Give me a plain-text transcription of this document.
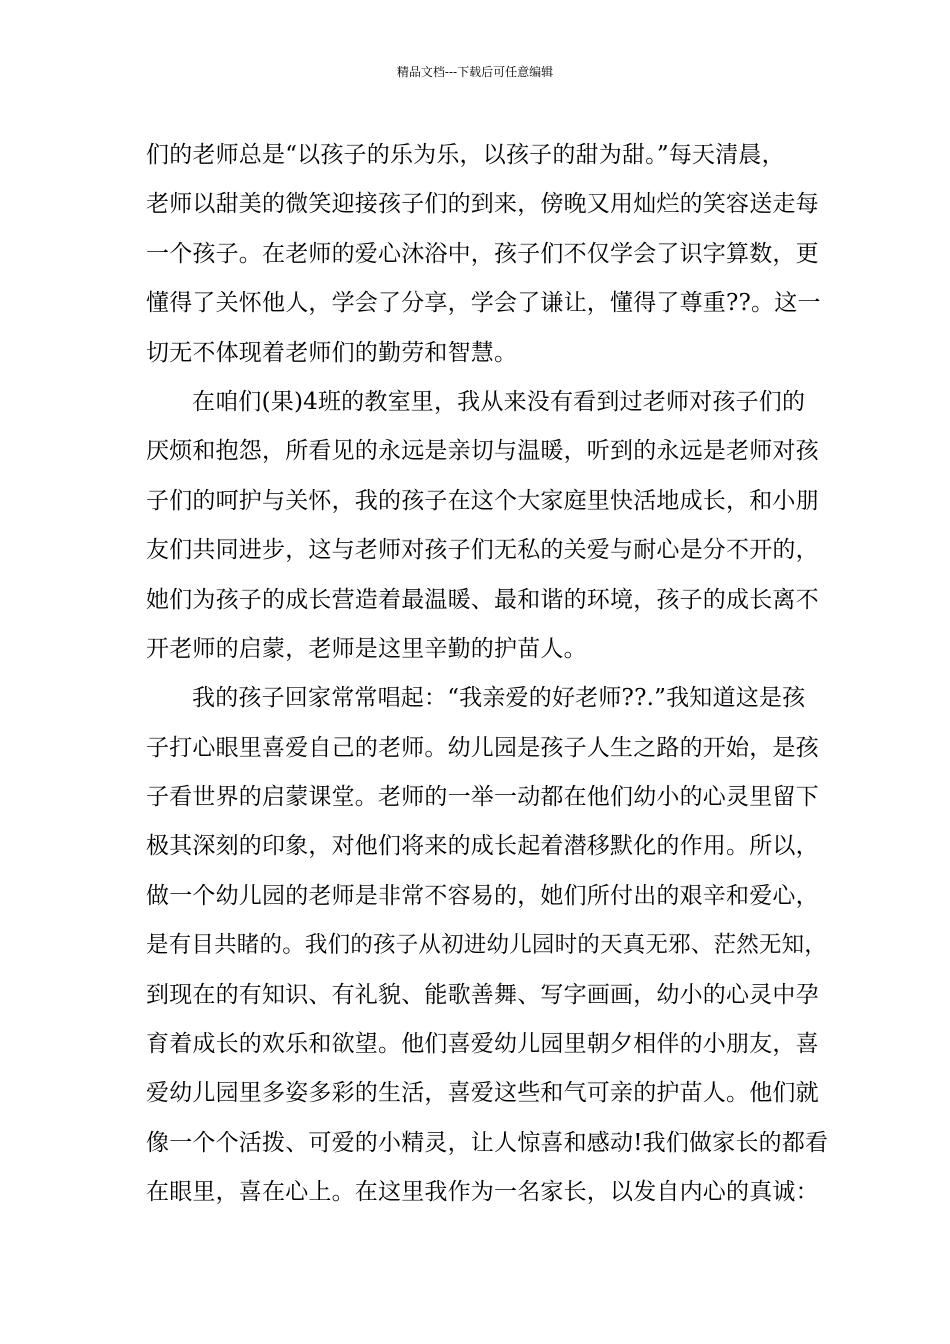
精品文档---下载后可任意编辑
们的老师总是“以孩子的乐为乐，以孩子的甜为甜。”每天清晨，
老师以甜美的微笑迎接孩子们的到来，傍晚又用灿烂的笑容送走每
一个孩子。在老师的爱心沐浴中，孩子们不仅学会了识字算数，更
懂得了关怀他人，学会了分享，学会了谦让，懂得了尊重??。这一
切无不体现着老师们的勤劳和智慧。
在咱们(果)4班的教室里，我从来没有看到过老师对孩子们的
厌烦和抱怨，所看见的永远是亲切与温暖，听到的永远是老师对孩
子们的呵护与关怀，我的孩子在这个大家庭里快活地成长，和小朋
友们共同进步，这与老师对孩子们无私的关爱与耐心是分不开的，
她们为孩子的成长营造着最温暖、最和谐的环境，孩子的成长离不
开老师的启蒙，老师是这里辛勤的护苗人。
我的孩子回家常常唱起：“我亲爱的好老师??.”我知道这是孩
子打心眼里喜爱自己的老师。幼儿园是孩子人生之路的开始，是孩
子看世界的启蒙课堂。老师的一举一动都在他们幼小的心灵里留下
极其深刻的印象，对他们将来的成长起着潜移默化的作用。所以，
做一个幼儿园的老师是非常不容易的，她们所付出的艰辛和爱心，
是有目共睹的。我们的孩子从初进幼儿园时的天真无邪、茫然无知，
到现在的有知识、有礼貌、能歌善舞、写字画画，幼小的心灵中孕
育着成长的欢乐和欲望。他们喜爱幼儿园里朝夕相伴的小朋友，喜
爱幼儿园里多姿多彩的生活，喜爱这些和气可亲的护苗人。他们就
像一个个活拨、可爱的小精灵，让人惊喜和感动!我们做家长的都看
在眼里，喜在心上。在这里我作为一名家长，以发自内心的真诚：
